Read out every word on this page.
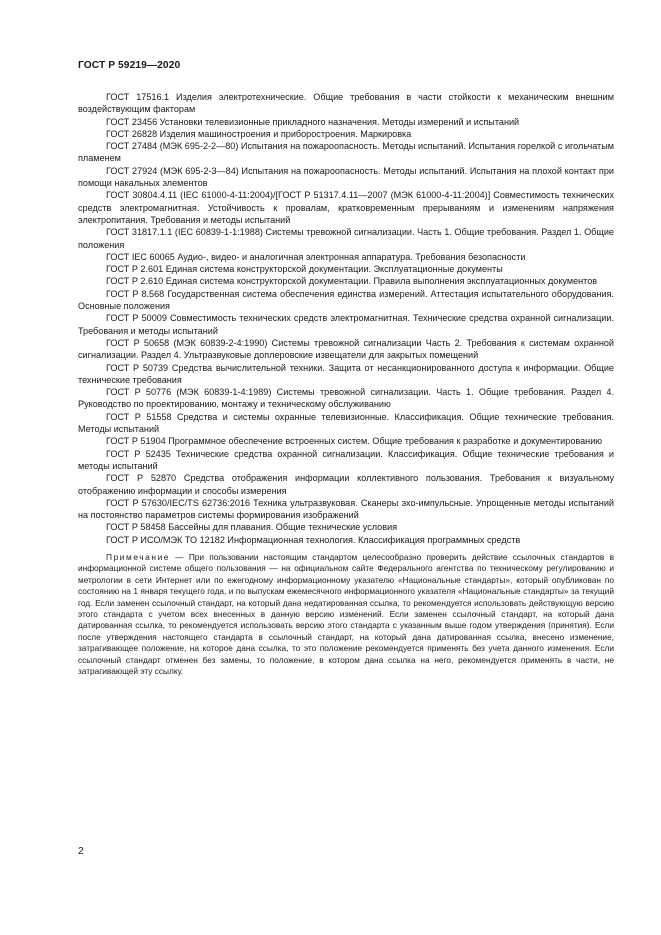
ГОСТ Р 59219—2020

ГОСТ 17516.1 Изделия электротехнические. Общие требования в части стойкости к механическим внешним воздействующим факторам

ГОСТ 23456 Установки телевизионные прикладного назначения. Методы измерений и испытаний

ГОСТ 26828 Изделия машиностроения и приборостроения. Маркировка

ГОСТ 27484 (МЭК 695-2-2—80) Испытания на пожароопасность. Методы испытаний. Испытания горелкой с игольчатым пламенем

ГОСТ 27924 (МЭК 695-2-3—84) Испытания на пожароопасность. Методы испытаний. Испытания на плохой контакт при помощи накальных элементов

ГОСТ 30804.4.11 (IEC 61000-4-11:2004)/[ГОСТ Р 51317.4.11—2007 (МЭК 61000-4-11:2004)] Совместимость технических средств электромагнитная. Устойчивость к провалам, кратковременным прерываниям и изменениям напряжения электропитания. Требования и методы испытаний

ГОСТ 31817.1.1 (IEC 60839-1-1:1988) Системы тревожной сигнализации. Часть 1. Общие требования. Раздел 1. Общие положения

ГОСТ IEC 60065 Аудио-, видео- и аналогичная электронная аппаратура. Требования безопасности

ГОСТ Р 2.601 Единая система конструкторской документации. Эксплуатационные документы

ГОСТ Р 2.610 Единая система конструкторской документации. Правила выполнения эксплуатационных документов

ГОСТ Р 8.568 Государственная система обеспечения единства измерений. Аттестация испытательного оборудования. Основные положения

ГОСТ Р 50009 Совместимость технических средств электромагнитная. Технические средства охранной сигнализации. Требования и методы испытаний

ГОСТ Р 50658 (МЭК 60839-2-4:1990) Системы тревожной сигнализации Часть 2. Требования к системам охранной сигнализации. Раздел 4. Ультразвуковые доплеровские извещатели для закрытых помещений

ГОСТ Р 50739 Средства вычислительной техники. Защита от несанкционированного доступа к информации. Общие технические требования

ГОСТ Р 50776 (МЭК 60839-1-4:1989) Системы тревожной сигнализации. Часть 1. Общие требования. Раздел 4. Руководство по проектированию, монтажу и техническому обслуживанию

ГОСТ Р 51558 Средства и системы охранные телевизионные. Классификация. Общие технические требования. Методы испытаний

ГОСТ Р 51904 Программное обеспечение встроенных систем. Общие требования к разработке и документированию

ГОСТ Р 52435 Технические средства охранной сигнализации. Классификация. Общие технические требования и методы испытаний

ГОСТ Р 52870 Средства отображения информации коллективного пользования. Требования к визуальному отображению информации и способы измерения

ГОСТ Р 57630/IEC/TS 62736:2016 Техника ультразвуковая. Сканеры эхо-импульсные. Упрощенные методы испытаний на постоянство параметров системы формирования изображений

ГОСТ Р 58458 Бассейны для плавания. Общие технические условия

ГОСТ Р ИСО/МЭК ТО 12182 Информационная технология. Классификация программных средств

Примечание — При пользовании настоящим стандартом целесообразно проверить действие ссылочных стандартов в информационной системе общего пользования — на официальном сайте Федерального агентства по техническому регулированию и метрологии в сети Интернет или по ежегодному информационному указателю «Национальные стандарты», который опубликован по состоянию на 1 января текущего года, и по выпускам ежемесячного информационного указателя «Национальные стандарты» за текущий год. Если заменен ссылочный стандарт, на который дана недатированная ссылка, то рекомендуется использовать действующую версию этого стандарта с учетом всех внесенных в данную версию изменений. Если заменен ссылочный стандарт, на который дана датированная ссылка, то рекомендуется использовать версию этого стандарта с указанным выше годом утверждения (принятия). Если после утверждения настоящего стандарта в ссылочный стандарт, на который дана датированная ссылка, внесено изменение, затрагивающее положение, на которое дана ссылка, то это положение рекомендуется применять без учета данного изменения. Если ссылочный стандарт отменен без замены, то положение, в котором дана ссылка на него, рекомендуется применять в части, не затрагивающей эту ссылку.

2
